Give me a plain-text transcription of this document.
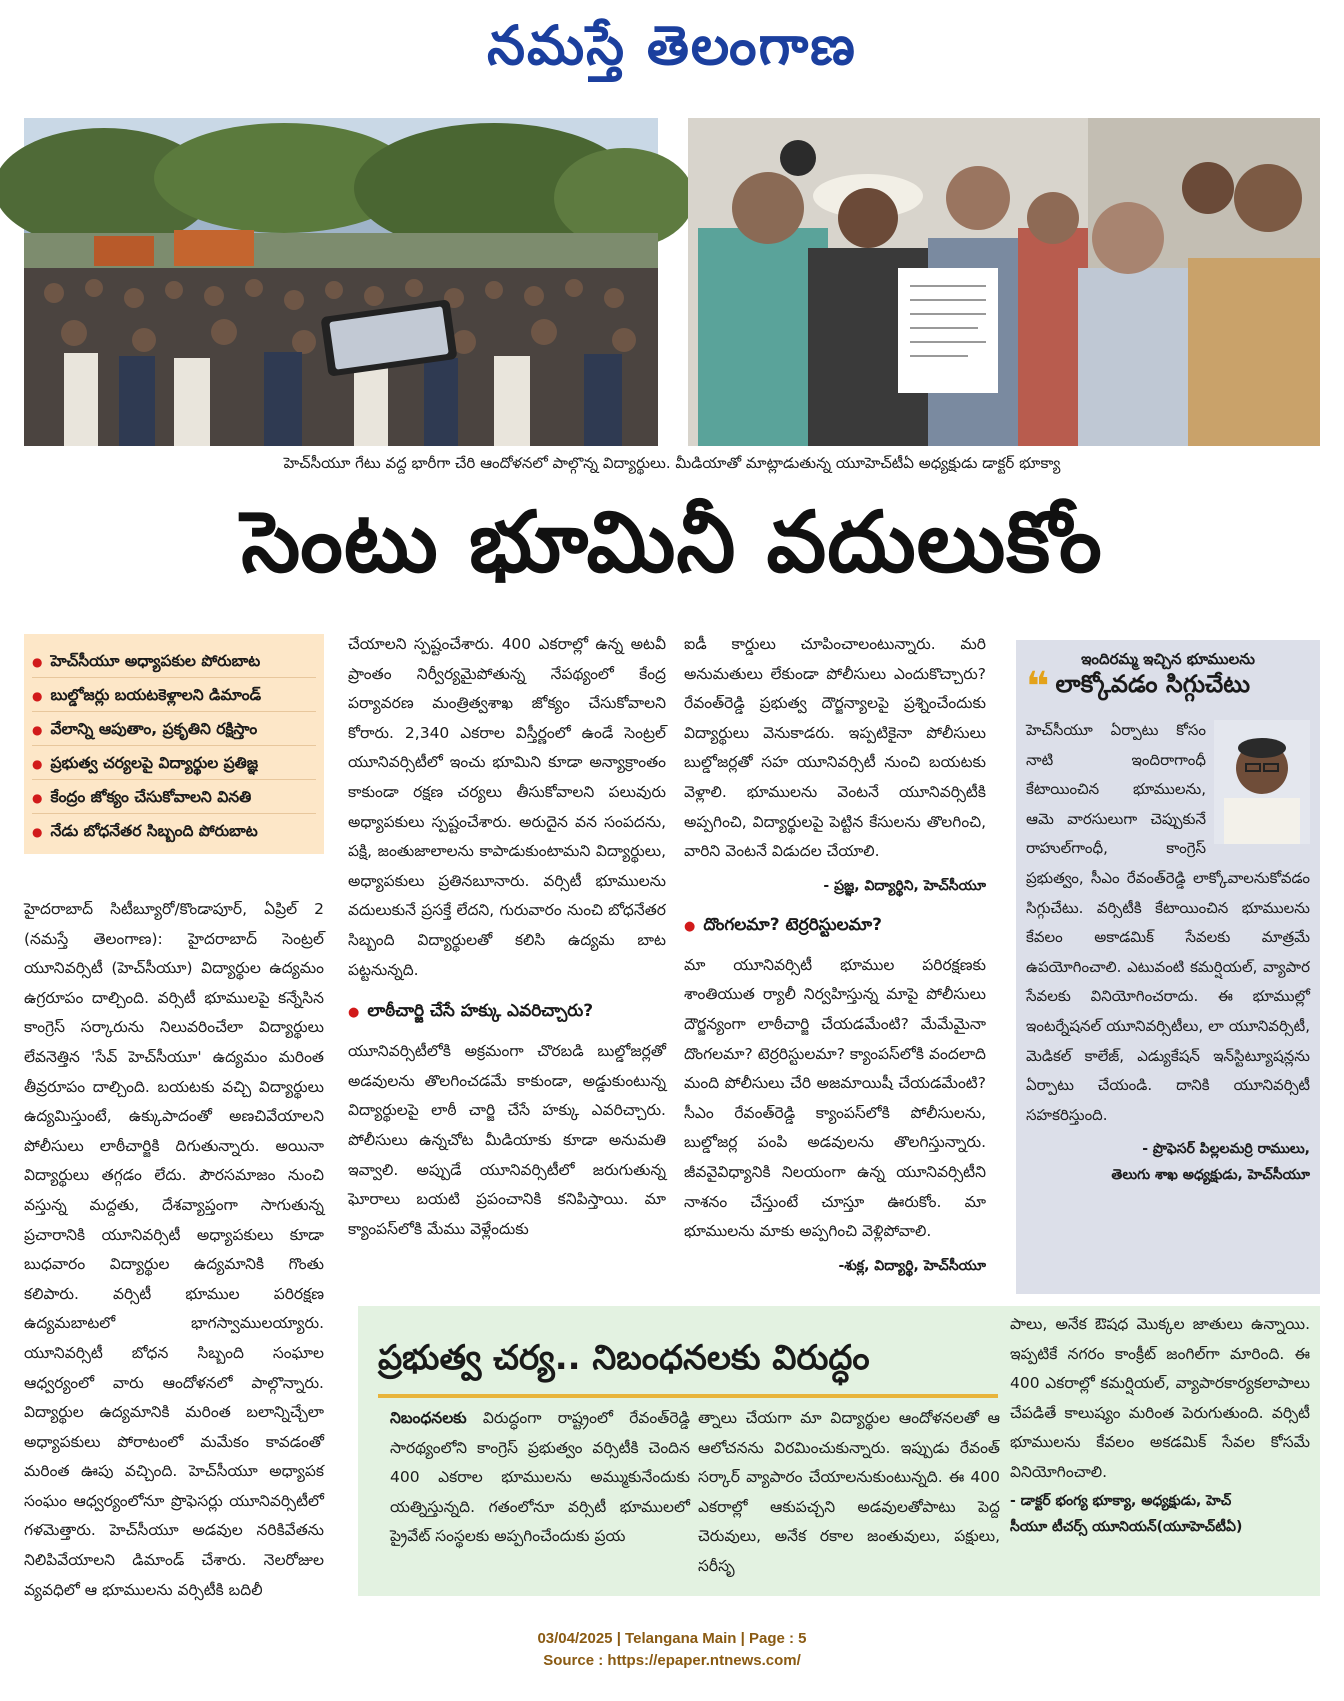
నమస్తే తెలంగాణ
హెచ్‌సీయూ గేటు వద్ద భారీగా చేరి ఆందోళనలో పాల్గొన్న విద్యార్థులు. మీడియాతో మాట్లాడుతున్న యూహెచ్‌టీఏ అధ్యక్షుడు డాక్టర్ భూక్యా
సెంటు భూమినీ వదులుకోం
● హెచ్‌సీయూ అధ్యాపకుల పోరుబాట
● బుల్డోజర్లు బయటకెళ్లాలని డిమాండ్
● వేలాన్ని ఆపుతాం, ప్రకృతిని రక్షిస్తాం
● ప్రభుత్వ చర్యలపై విద్యార్థుల ప్రతిజ్ఞ
● కేంద్రం జోక్యం చేసుకోవాలని వినతి
● నేడు బోధనేతర సిబ్బంది పోరుబాట

హైదరాబాద్ సిటీబ్యూరో/కొండాపూర్, ఏప్రిల్ 2 (నమస్తే తెలంగాణ): హైదరాబాద్ సెంట్రల్ యూనివర్సిటీ (హెచ్‌సీయూ) విద్యార్థుల ఉద్యమం ఉగ్రరూపం దాల్చింది. వర్సిటీ భూములపై కన్నేసిన కాంగ్రెస్ సర్కారును నిలువరించేలా విద్యార్థులు లేవనెత్తిన 'సేవ్ హెచ్‌సీయూ' ఉద్యమం మరింత తీవ్రరూపం దాల్చింది. బయటకు వచ్చి విద్యార్థులు ఉద్యమిస్తుంటే, ఉక్కుపాదంతో అణచివేయాలని పోలీసులు లాఠీచార్జికి దిగుతున్నారు. అయినా విద్యార్థులు తగ్గడం లేదు. పౌరసమాజం నుంచి వస్తున్న మద్దతు, దేశవ్యాప్తంగా సాగుతున్న ప్రచారానికి యూనివర్సిటీ అధ్యాపకులు కూడా బుధవారం విద్యార్థుల ఉద్యమానికి గొంతు కలిపారు. వర్సిటీ భూముల పరిరక్షణ ఉద్యమబాటలో భాగస్వాములయ్యారు. యూనివర్సిటీ బోధన సిబ్బంది సంఘాల ఆధ్వర్యంలో వారు ఆందోళనలో పాల్గొన్నారు. విద్యార్థుల ఉద్యమానికి మరింత బలాన్నిచ్చేలా అధ్యాపకులు పోరాటంలో మమేకం కావడంతో మరింత ఊపు వచ్చింది. హెచ్‌సీయూ అధ్యాపక సంఘం ఆధ్వర్యంలోనూ ప్రొఫెసర్లు యూనివర్సిటీలో గళమెత్తారు. హెచ్‌సీయూ అడవుల నరికివేతను నిలిపివేయాలని డిమాండ్ చేశారు. నెలరోజుల వ్యవధిలో ఆ భూములను వర్సిటీకి బదిలీ

చేయాలని స్పష్టంచేశారు. 400 ఎకరాల్లో ఉన్న అటవీ ప్రాంతం నిర్వీర్యమైపోతున్న నేపథ్యంలో కేంద్ర పర్యావరణ మంత్రిత్వశాఖ జోక్యం చేసుకోవాలని కోరారు. 2,340 ఎకరాల విస్తీర్ణంలో ఉండే సెంట్రల్ యూనివర్సిటీలో ఇంచు భూమిని కూడా అన్యాక్రాంతం కాకుండా రక్షణ చర్యలు తీసుకోవాలని పలువురు అధ్యాపకులు స్పష్టంచేశారు. అరుదైన వన సంపదను, పక్షి, జంతుజాలాలను కాపాడుకుంటామని విద్యార్థులు, అధ్యాపకులు ప్రతినబూనారు. వర్సిటీ భూములను వదులుకునే ప్రసక్తే లేదని, గురువారం నుంచి బోధనేతర సిబ్బంది విద్యార్థులతో కలిసి ఉద్యమ బాట పట్టనున్నది.

● లాఠీచార్జి చేసే హక్కు ఎవరిచ్చారు?

యూనివర్సిటీలోకి అక్రమంగా చొరబడి బుల్డోజర్లతో అడవులను తొలగించడమే కాకుండా, అడ్డుకుంటున్న విద్యార్థులపై లాఠీ చార్జి చేసే హక్కు ఎవరిచ్చారు. పోలీసులు ఉన్నచోట మీడియాకు కూడా అనుమతి ఇవ్వాలి. అప్పుడే యూనివర్సిటీలో జరుగుతున్న ఘోరాలు బయటి ప్రపంచానికి కనిపిస్తాయి. మా క్యాంపస్‌లోకి మేము వెళ్లేందుకు

ఐడీ కార్డులు చూపించాలంటున్నారు. మరి అనుమతులు లేకుండా పోలీసులు ఎందుకొచ్చారు? రేవంత్‌రెడ్డి ప్రభుత్వ దౌర్జన్యాలపై ప్రశ్నించేందుకు విద్యార్థులు వెనుకాడరు. ఇప్పటికైనా పోలీసులు బుల్డోజర్లతో సహ యూనివర్సిటీ నుంచి బయటకు వెళ్లాలి. భూములను వెంటనే యూనివర్సిటీకి అప్పగించి, విద్యార్థులపై పెట్టిన కేసులను తొలగించి, వారిని వెంటనే విడుదల చేయాలి.

- ప్రజ్ఞ, విద్యార్థిని, హెచ్‌సీయూ
● దొంగలమా? టెర్రరిస్టులమా?

మా యూనివర్సిటీ భూముల పరిరక్షణకు శాంతియుత ర్యాలీ నిర్వహిస్తున్న మాపై పోలీసులు దౌర్జన్యంగా లాఠీచార్జి చేయడమేంటి? మేమేమైనా దొంగలమా? టెర్రరిస్టులమా? క్యాంపస్‌లోకి వందలాది మంది పోలీసులు చేరి అజమాయిషీ చేయడమేంటి? సీఎం రేవంత్‌రెడ్డి క్యాంపస్‌లోకి పోలీసులను, బుల్డోజర్ల పంపి అడవులను తొలగిస్తున్నారు. జీవవైవిధ్యానికి నిలయంగా ఉన్న యూనివర్సిటీని నాశనం చేస్తుంటే చూస్తూ ఊరుకోం. మా భూములను మాకు అప్పగించి వెళ్లిపోవాలి.

-శుక్ల, విద్యార్థి, హెచ్‌సీయూ
ఇందిరమ్మ ఇచ్చిన భూములను
❝ లాక్కోవడం సిగ్గుచేటు
హెచ్‌సీయూ ఏర్పాటు కోసం నాటి ఇందిరాగాంధీ కేటాయించిన భూములను, ఆమె వారసులుగా చెప్పుకునే రాహుల్‌గాంధీ, కాంగ్రెస్ ప్రభుత్వం, సీఎం రేవంత్‌రెడ్డి లాక్కోవాలనుకోవడం సిగ్గుచేటు. వర్సిటీకి కేటాయించిన భూములను కేవలం అకాడమిక్ సేవలకు మాత్రమే ఉపయోగించాలి. ఎటువంటి కమర్షియల్, వ్యాపార సేవలకు వినియోగించరాదు. ఈ భూముల్లో ఇంటర్నేషనల్ యూనివర్సిటీలు, లా యూనివర్సిటీ, మెడికల్ కాలేజ్, ఎడ్యుకేషన్ ఇన్‌స్టిట్యూషన్లను ఏర్పాటు చేయండి. దానికి యూనివర్సిటీ సహకరిస్తుంది.
- ప్రొఫెసర్ పిల్లలమర్రి రాములు,
తెలుగు శాఖ అధ్యక్షుడు, హెచ్‌సీయూ
ప్రభుత్వ చర్య.. నిబంధనలకు విరుద్ధం
నిబంధనలకు విరుద్ధంగా రాష్ట్రంలో రేవంత్‌రెడ్డి సారథ్యంలోని కాంగ్రెస్ ప్రభుత్వం వర్సిటీకి చెందిన 400 ఎకరాల భూములను అమ్ముకునేందుకు యత్నిస్తున్నది. గతంలోనూ వర్సిటీ భూములలో ప్రైవేట్ సంస్థలకు అప్పగించేందుకు ప్రయ
త్నాలు చేయగా మా విద్యార్థుల ఆందోళనలతో ఆ ఆలోచనను విరమించుకున్నారు. ఇప్పుడు రేవంత్ సర్కార్ వ్యాపారం చేయాలనుకుంటున్నది. ఈ 400 ఎకరాల్లో ఆకుపచ్చని అడవులతోపాటు పెద్ద చెరువులు, అనేక రకాల జంతువులు, పక్షులు, సరీసృ
పాలు, అనేక ఔషధ మొక్కల జాతులు ఉన్నాయి. ఇప్పటికే నగరం కాంక్రీట్ జంగిల్‌గా మారింది. ఈ 400 ఎకరాల్లో కమర్షియల్, వ్యాపారకార్యకలాపాలు చేపడితే కాలుష్యం మరింత పెరుగుతుంది. వర్సిటీ భూములను కేవలం అకడమిక్ సేవల కోసమే వినియోగించాలి.
- డాక్టర్ భంగ్య భూక్యా, అధ్యక్షుడు, హెచ్
సీయూ టీచర్స్ యూనియన్(యూహెచ్‌టీఏ)
03/04/2025 | Telangana Main | Page : 5
Source : https://epaper.ntnews.com/
